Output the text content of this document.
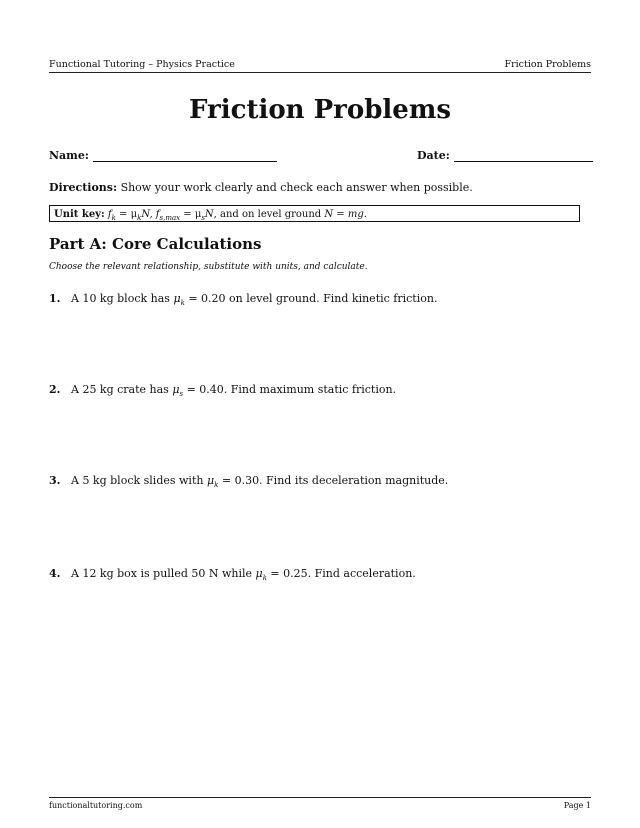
Functional Tutoring – Physics Practice	Friction Problems
Friction Problems
Name:	Date:
Directions: Show your work clearly and check each answer when possible.
Unit key: $f_k = \mu_kN$, $f_{s,max} = \mu_sN$, and on level ground N = mg.
Part A: Core Calculations
Choose the relevant relationship, substitute with units, and calculate.
1. A 10 kg block has $\mu_k = 0.20$ on level ground. Find kinetic friction.
2. A 25 kg crate has $\mu_s = 0.40$. Find maximum static friction.
3. A 5 kg block slides with $\mu_k = 0.30$. Find its deceleration magnitude.
4. A 12 kg box is pulled 50 N while $\mu_k = 0.25$. Find acceleration.
functionaltutoring.com	Page 1
